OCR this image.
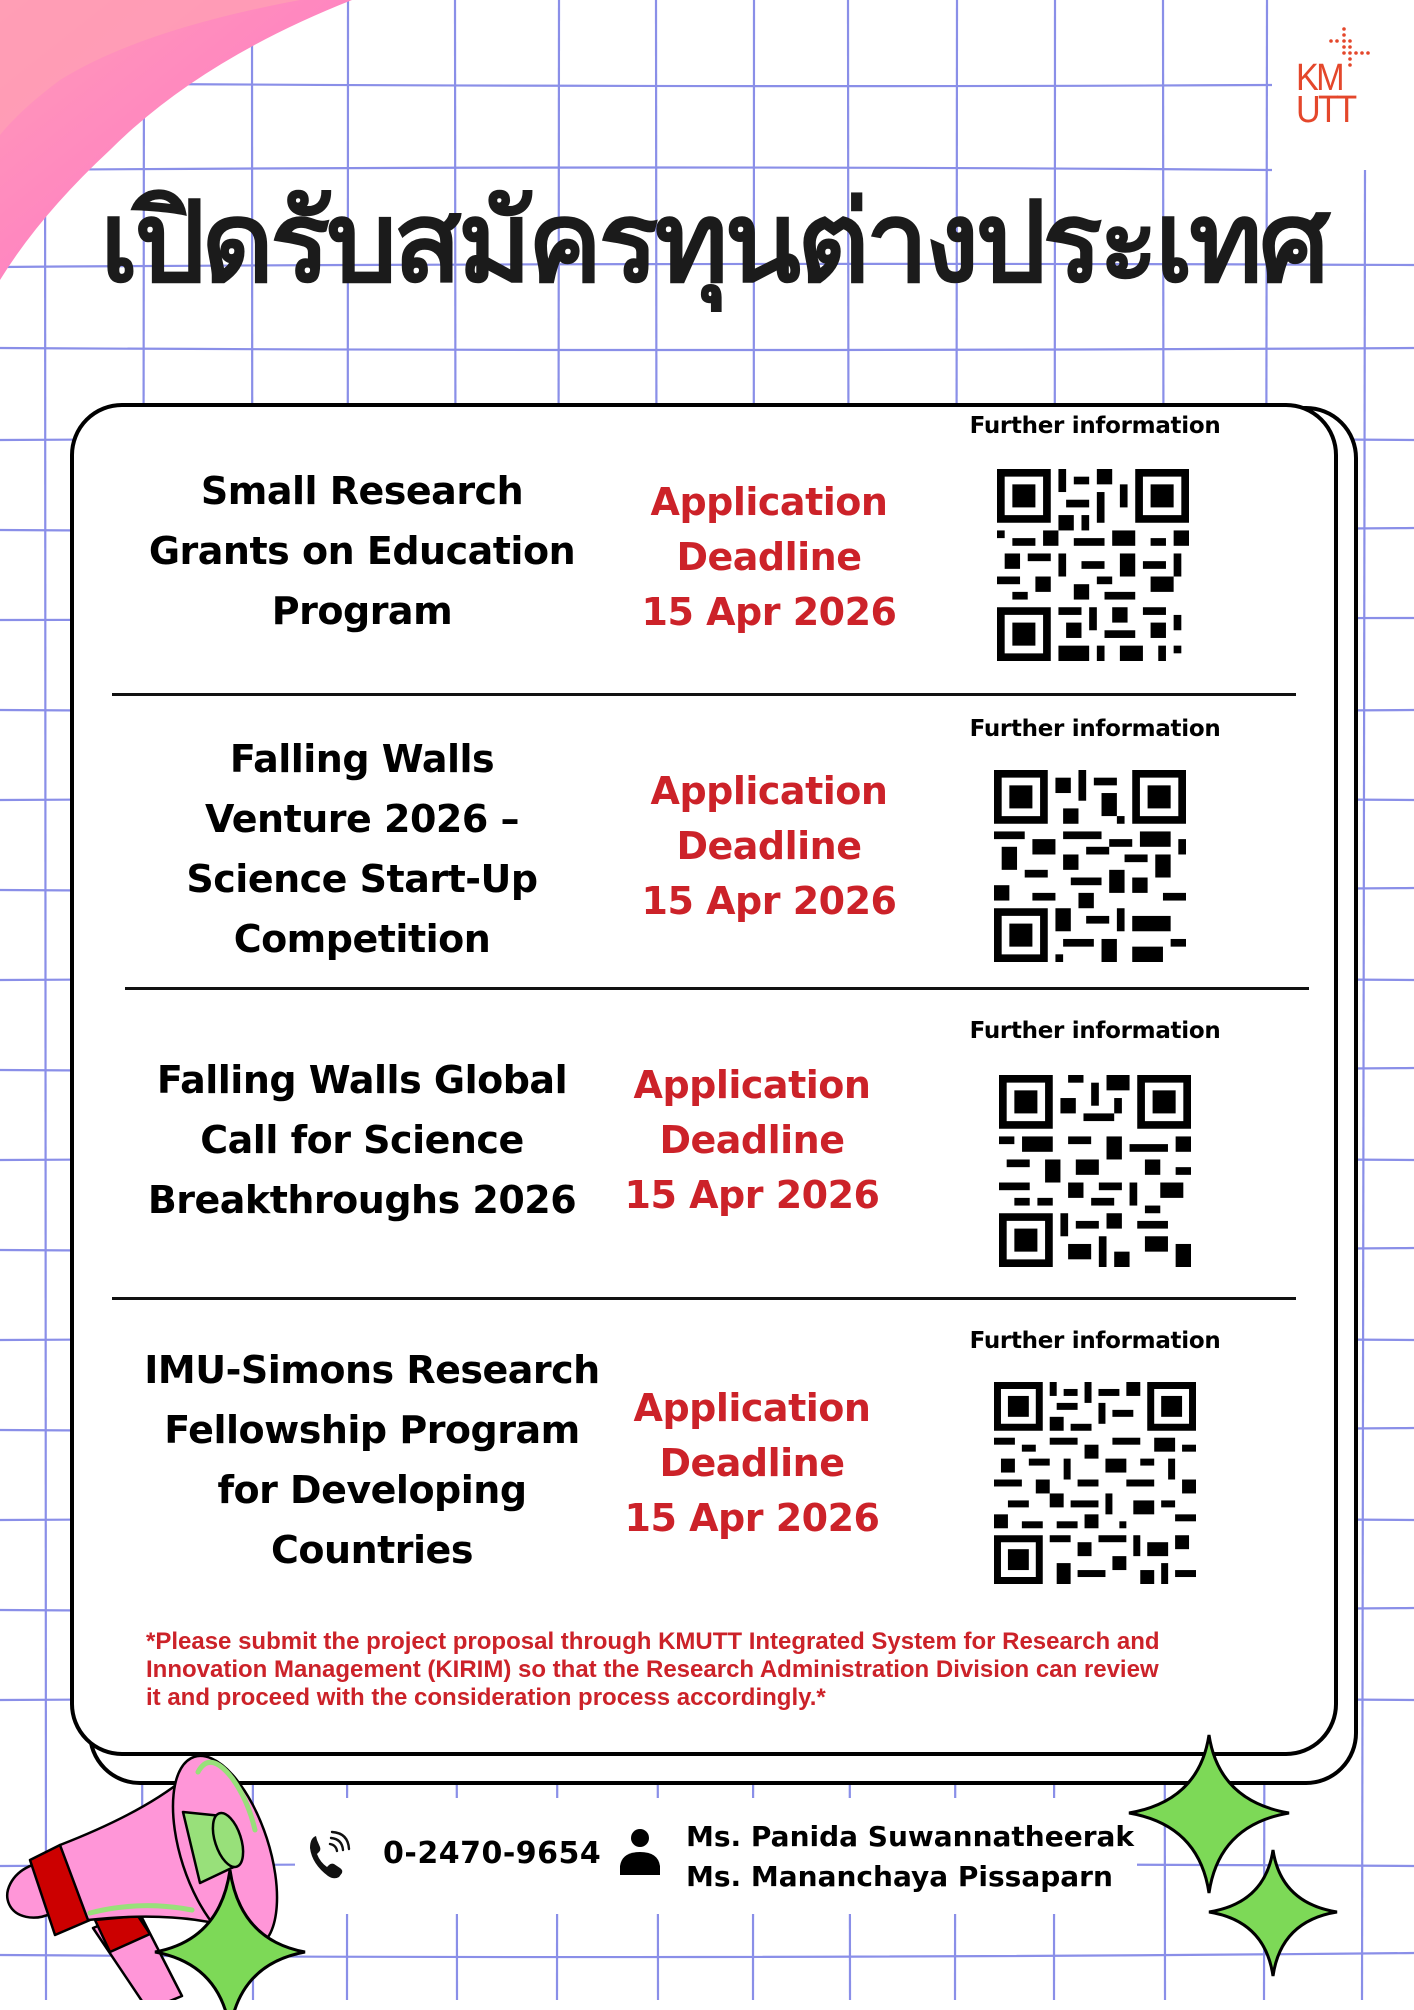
เปิดรับสมัครทุนต่างประเทศ
KM
UTT
Small Research
Grants on Education
Program
Application
Deadline
15 Apr 2026
Further information
Falling Walls
Venture 2026 –
Science Start-Up
Competition
Application
Deadline
15 Apr 2026
Further information
Falling Walls Global
Call for Science
Breakthroughs 2026
Application
Deadline
15 Apr 2026
Further information
IMU-Simons Research
Fellowship Program
for Developing
Countries
Application
Deadline
15 Apr 2026
Further information
*Please submit the project proposal through KMUTT Integrated System for Research and
Innovation Management (KIRIM) so that the Research Administration Division can review
it and proceed with the consideration process accordingly.*
0-2470-9654	Ms. Panida Suwannatheerak
Ms. Mananchaya Pissaparn
